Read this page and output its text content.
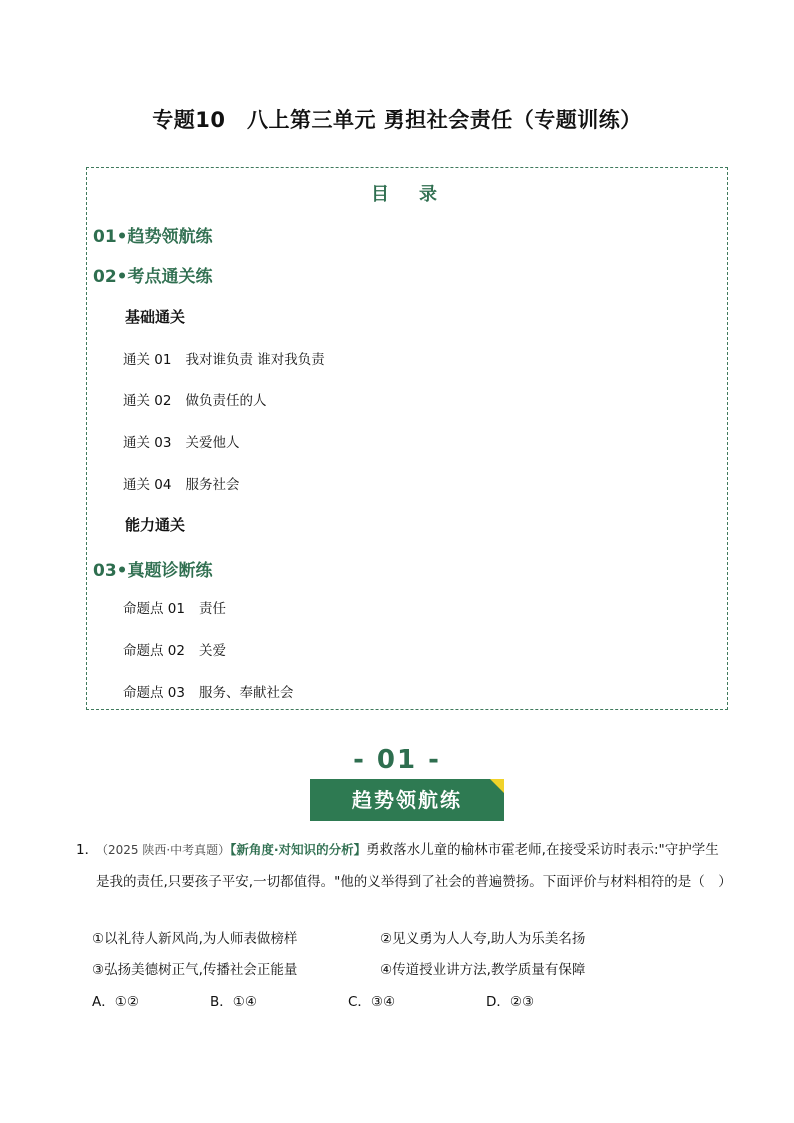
专题10　八上第三单元 勇担社会责任（专题训练）
目　录
01•趋势领航练
02•考点通关练
基础通关
通关 01 我对谁负责 谁对我负责
通关 02 做负责任的人
通关 03 关爱他人
通关 04 服务社会
能力通关
03•真题诊断练
命题点 01 责任
命题点 02 关爱
命题点 03 服务、奉献社会
- 01 -
趋势领航练
1．
（2025 陕西·中考真题）【新角度·对知识的分析】勇救落水儿童的榆林市霍老师,在接受采访时表示:"守护学生是我的责任,只要孩子平安,一切都值得。"他的义举得到了社会的普遍赞扬。下面评价与材料相符的是（　）
①以礼待人新风尚,为人师表做榜样	②见义勇为人人夸,助人为乐美名扬
③弘扬美德树正气,传播社会正能量	④传道授业讲方法,教学质量有保障
A．①②	B．①④	C．③④	D．②③
